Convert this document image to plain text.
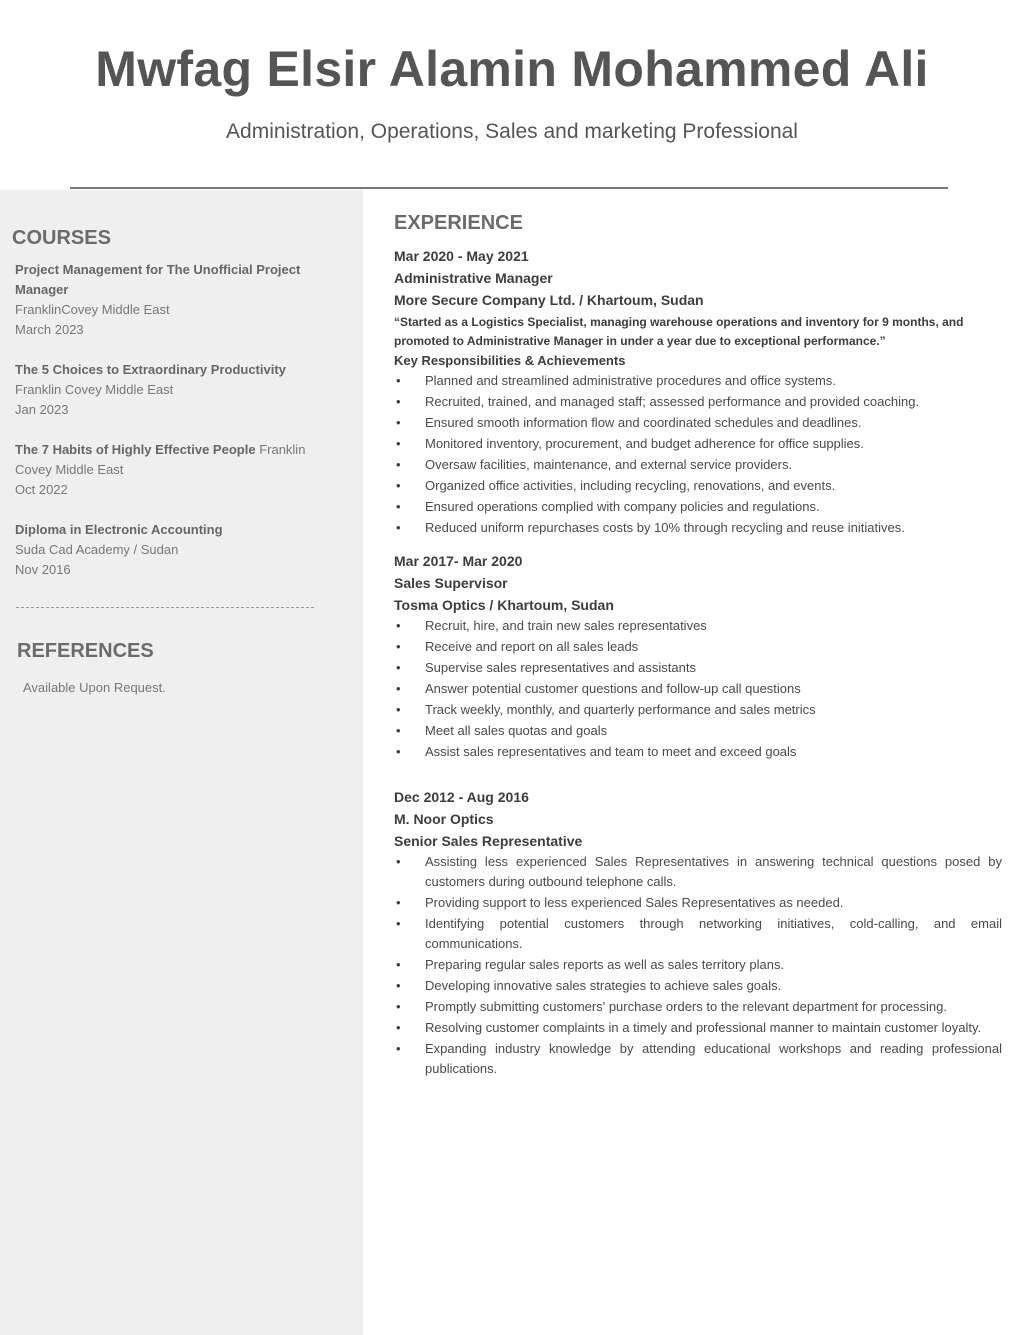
Mwfag Elsir Alamin Mohammed Ali
Administration, Operations, Sales and marketing Professional
COURSES
Project Management for The Unofficial Project Manager
FranklinCovey Middle East
March 2023
The 5 Choices to Extraordinary Productivity
Franklin Covey Middle East
Jan 2023
The 7 Habits of Highly Effective People Franklin Covey Middle East
Oct 2022
Diploma in Electronic Accounting
Suda Cad Academy / Sudan
Nov 2016
REFERENCES
Available Upon Request.
EXPERIENCE
Mar 2020 - May 2021
Administrative Manager
More Secure Company Ltd. / Khartoum, Sudan
“Started as a Logistics Specialist, managing warehouse operations and inventory for 9 months, and promoted to Administrative Manager in under a year due to exceptional performance.”
Key Responsibilities & Achievements
• Planned and streamlined administrative procedures and office systems.
• Recruited, trained, and managed staff; assessed performance and provided coaching.
• Ensured smooth information flow and coordinated schedules and deadlines.
• Monitored inventory, procurement, and budget adherence for office supplies.
• Oversaw facilities, maintenance, and external service providers.
• Organized office activities, including recycling, renovations, and events.
• Ensured operations complied with company policies and regulations.
• Reduced uniform repurchases costs by 10% through recycling and reuse initiatives.
Mar 2017- Mar 2020
Sales Supervisor
Tosma Optics / Khartoum, Sudan
• Recruit, hire, and train new sales representatives
• Receive and report on all sales leads
• Supervise sales representatives and assistants
• Answer potential customer questions and follow-up call questions
• Track weekly, monthly, and quarterly performance and sales metrics
• Meet all sales quotas and goals
• Assist sales representatives and team to meet and exceed goals
Dec 2012 - Aug 2016
M. Noor Optics
Senior Sales Representative
• Assisting less experienced Sales Representatives in answering technical questions posed by customers during outbound telephone calls.
• Providing support to less experienced Sales Representatives as needed.
• Identifying potential customers through networking initiatives, cold-calling, and email communications.
• Preparing regular sales reports as well as sales territory plans.
• Developing innovative sales strategies to achieve sales goals.
• Promptly submitting customers' purchase orders to the relevant department for processing.
• Resolving customer complaints in a timely and professional manner to maintain customer loyalty.
• Expanding industry knowledge by attending educational workshops and reading professional publications.
